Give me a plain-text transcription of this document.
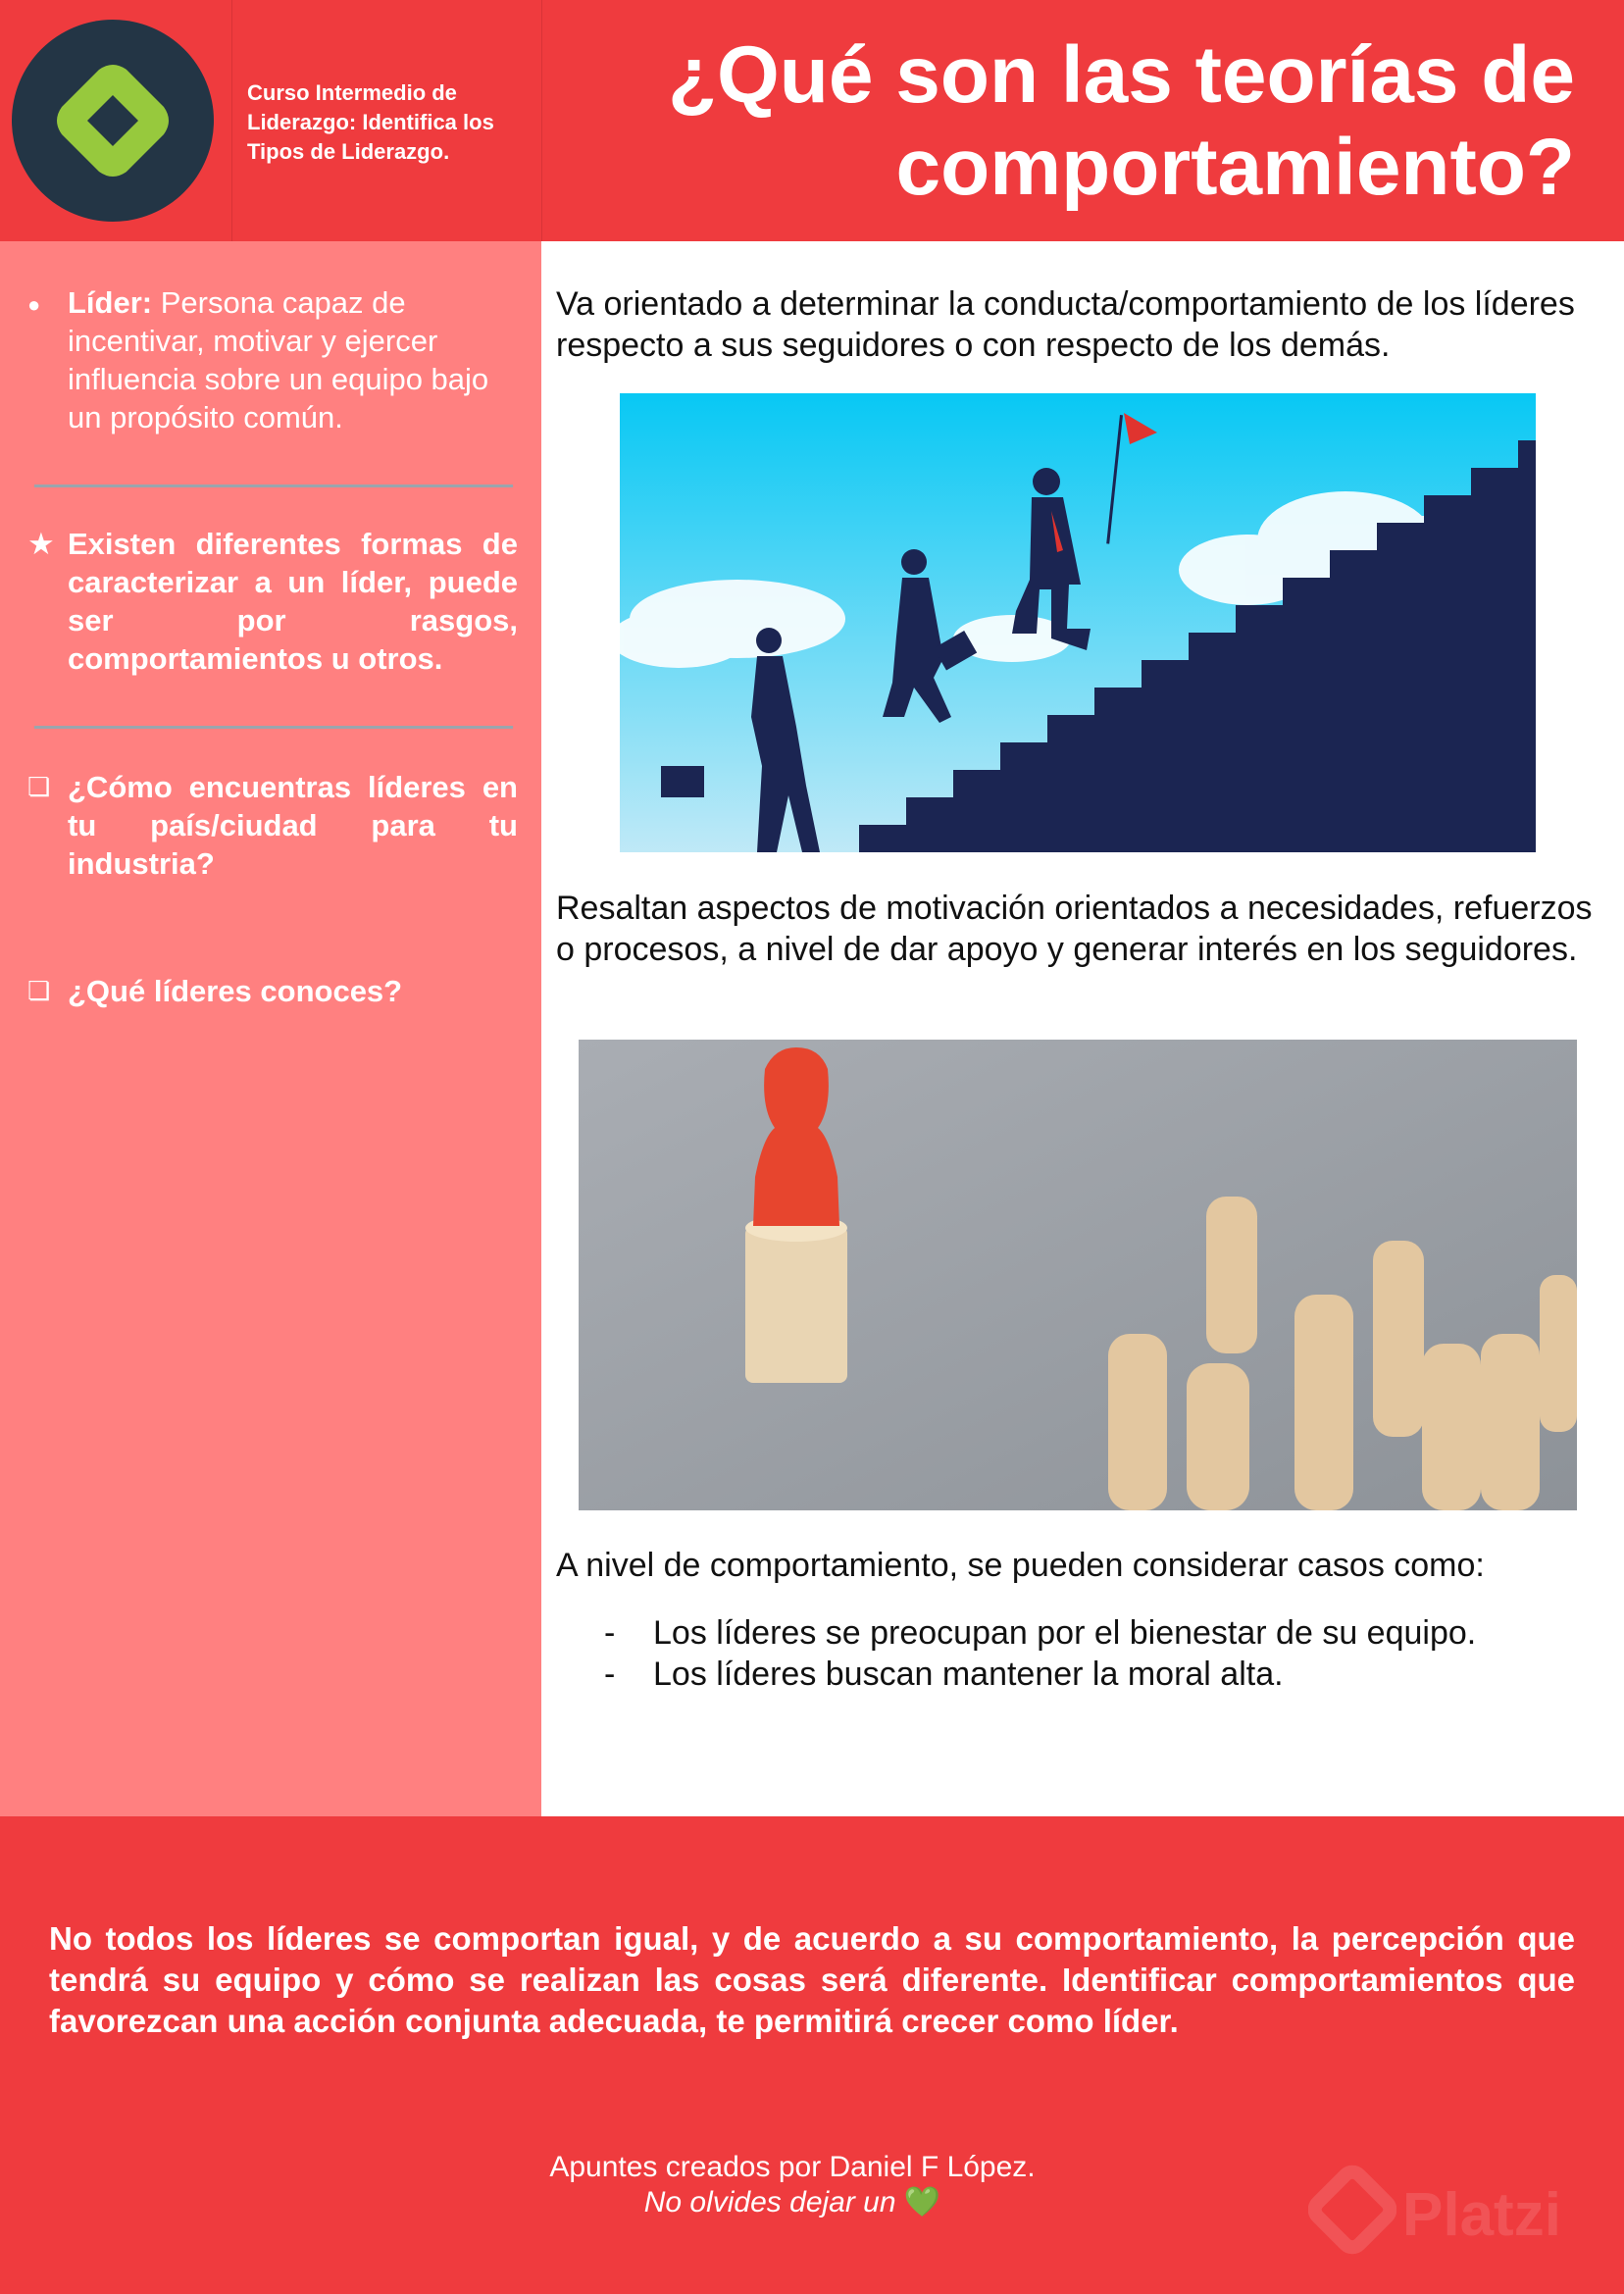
Curso Intermedio de Liderazgo: Identifica los Tipos de Liderazgo.
¿Qué son las teorías de comportamiento?
● Líder: Persona capaz de incentivar, motivar y ejercer influencia sobre un equipo bajo un propósito común.
★ Existen diferentes formas de caracterizar a un líder, puede ser por rasgos, comportamientos u otros.
❏ ¿Cómo encuentras líderes en tu país/ciudad para tu industria?
❏ ¿Qué líderes conoces?
Va orientado a determinar la conducta/comportamiento de los líderes respecto a sus seguidores o con respecto de los demás.
Resaltan aspectos de motivación orientados a necesidades, refuerzos o procesos, a nivel de dar apoyo y generar interés en los seguidores.
A nivel de comportamiento, se pueden considerar casos como:
- Los líderes se preocupan por el bienestar de su equipo.
- Los líderes buscan mantener la moral alta.
No todos los líderes se comportan igual, y de acuerdo a su comportamiento, la percepción que tendrá su equipo y cómo se realizan las cosas será diferente. Identificar comportamientos que favorezcan una acción conjunta adecuada, te permitirá crecer como líder.
Apuntes creados por Daniel F López.
No olvides dejar un 💚	Platzi
